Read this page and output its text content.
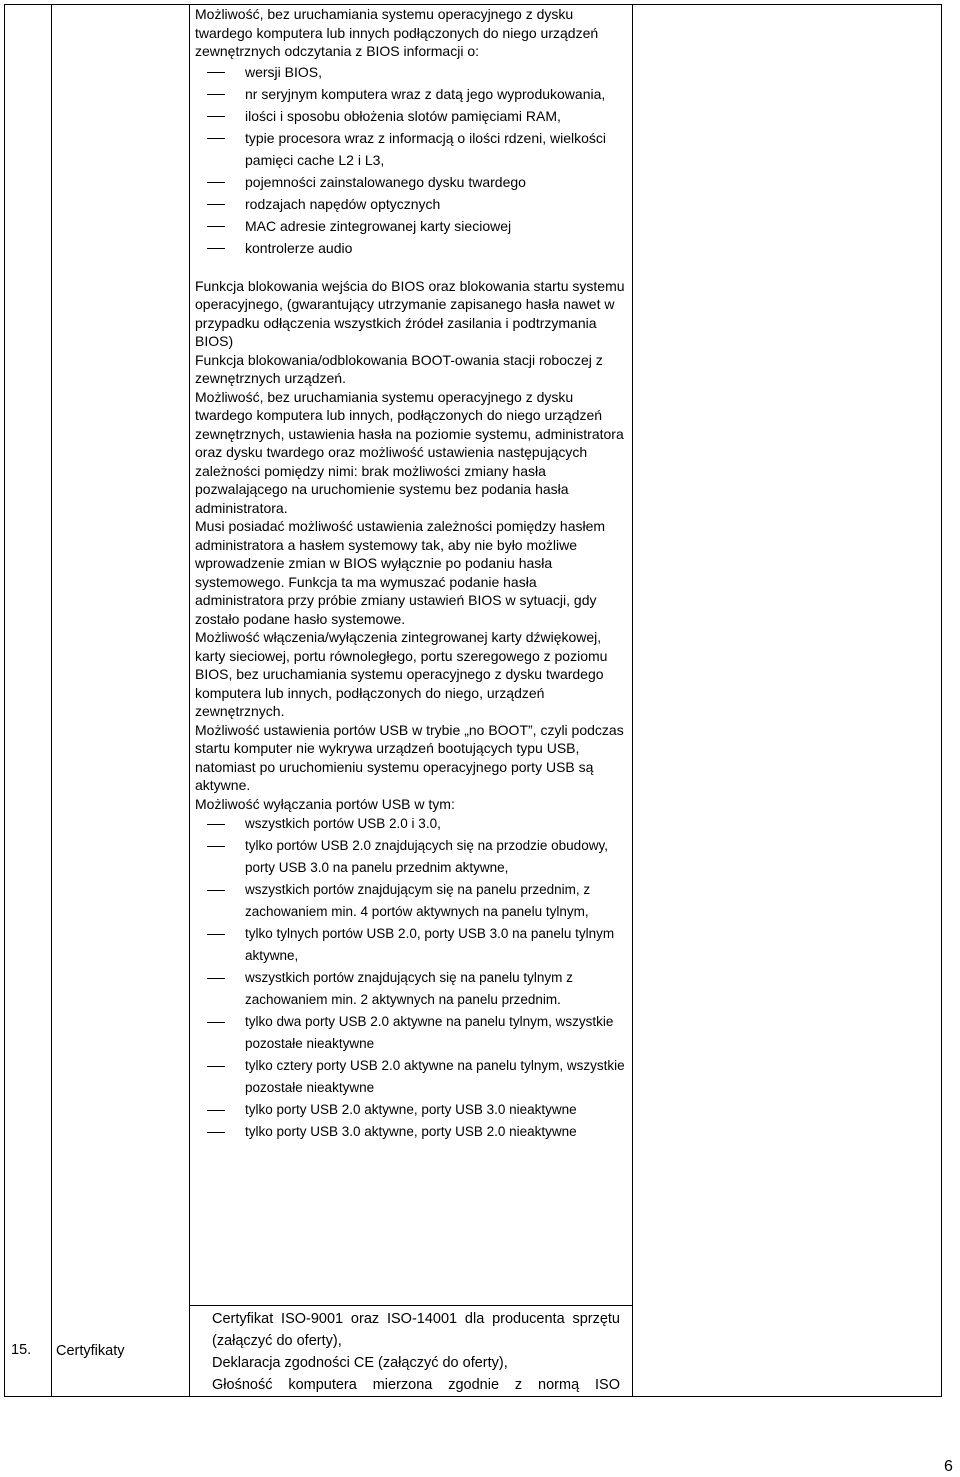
Możliwość, bez uruchamiania systemu operacyjnego z dysku twardego komputera lub innych podłączonych do niego urządzeń zewnętrznych odczytania z BIOS informacji o:

wersji BIOS,
nr seryjnym komputera wraz z datą jego wyprodukowania,
ilości i sposobu obłożenia slotów pamięciami RAM,
typie procesora wraz z informacją o ilości rdzeni, wielkości pamięci cache L2 i L3,
pojemności zainstalowanego dysku twardego
rodzajach napędów optycznych
MAC adresie zintegrowanej karty sieciowej
kontrolerze audio

Funkcja blokowania wejścia do BIOS oraz blokowania startu systemu operacyjnego, (gwarantujący utrzymanie zapisanego hasła nawet w przypadku odłączenia wszystkich źródeł zasilania i podtrzymania BIOS)

Funkcja blokowania/odblokowania BOOT-owania stacji roboczej z zewnętrznych urządzeń.

Możliwość, bez uruchamiania systemu operacyjnego z dysku twardego komputera lub innych, podłączonych do niego urządzeń zewnętrznych, ustawienia hasła na poziomie systemu, administratora oraz dysku twardego oraz możliwość ustawienia następujących zależności pomiędzy nimi: brak możliwości zmiany hasła pozwalającego na uruchomienie systemu bez podania hasła administratora.

Musi posiadać możliwość ustawienia zależności pomiędzy hasłem administratora a hasłem systemowy tak, aby nie było możliwe wprowadzenie zmian w BIOS wyłącznie po podaniu hasła systemowego. Funkcja ta ma wymuszać podanie hasła administratora przy próbie zmiany ustawień BIOS w sytuacji, gdy zostało podane hasło systemowe.

Możliwość włączenia/wyłączenia zintegrowanej karty dźwiękowej, karty sieciowej, portu równoległego, portu szeregowego z poziomu BIOS, bez uruchamiania systemu operacyjnego z dysku twardego komputera lub innych, podłączonych do niego, urządzeń zewnętrznych.

Możliwość ustawienia portów USB w trybie „no BOOT”, czyli podczas startu komputer nie wykrywa urządzeń bootujących typu USB, natomiast po uruchomieniu systemu operacyjnego porty USB są aktywne.

Możliwość wyłączania portów USB w tym:

wszystkich portów USB 2.0 i 3.0,
tylko portów USB 2.0 znajdujących się na przodzie obudowy, porty USB 3.0 na panelu przednim aktywne,
wszystkich portów znajdującym się na panelu przednim, z zachowaniem min. 4 portów aktywnych na panelu tylnym,
tylko tylnych portów USB 2.0, porty USB 3.0 na panelu tylnym aktywne,
wszystkich portów znajdujących się na panelu tylnym z zachowaniem min. 2 aktywnych na panelu przednim.
tylko dwa porty USB 2.0 aktywne na panelu tylnym, wszystkie pozostałe nieaktywne
tylko cztery porty USB 2.0 aktywne na panelu tylnym, wszystkie pozostałe nieaktywne
tylko porty USB 2.0 aktywne, porty USB 3.0 nieaktywne
tylko porty USB 3.0 aktywne, porty USB 2.0 nieaktywne
15. Certyfikaty

Certyfikat ISO-9001 oraz ISO-14001 dla producenta sprzętu (załączyć do oferty),

Deklaracja zgodności CE (załączyć do oferty),

Głośność komputera mierzona zgodnie z normą ISO

6
